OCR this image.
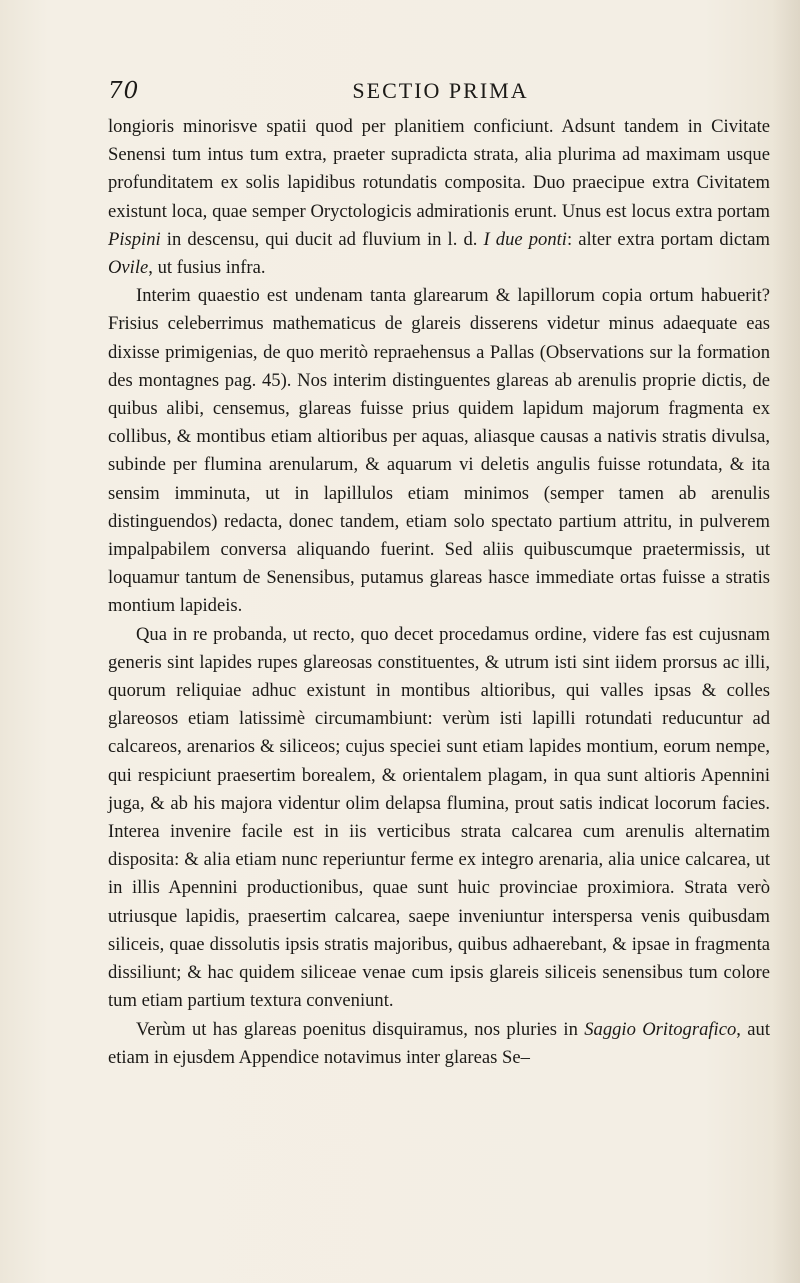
70	SECTIO PRIMA

longioris minorisve spatii quod per planitiem conficiunt. Adsunt tandem in Civitate Senensi tum intus tum extra, praeter supradicta strata, alia plurima ad maximam usque profunditatem ex solis lapidibus rotundatis composita. Duo praecipue extra Civitatem existunt loca, quae semper Oryctologicis admirationis erunt. Unus est locus extra portam Pispini in descensu, qui ducit ad fluvium in l. d. I due ponti: alter extra portam dictam Ovile, ut fusius infra.

Interim quaestio est undenam tanta glarearum & lapillorum copia ortum habuerit? Frisius celeberrimus mathematicus de glareis disserens videtur minus adaequate eas dixisse primigenias, de quo meritò repraehensus a Pallas (Observations sur la formation des montagnes pag. 45). Nos interim distinguentes glareas ab arenulis proprie dictis, de quibus alibi, censemus, glareas fuisse prius quidem lapidum majorum fragmenta ex collibus, & montibus etiam altioribus per aquas, aliasque causas a nativis stratis divulsa, subinde per flumina arenularum, & aquarum vi deletis angulis fuisse rotundata, & ita sensim imminuta, ut in lapillulos etiam minimos (semper tamen ab arenulis distinguendos) redacta, donec tandem, etiam solo spectato partium attritu, in pulverem impalpabilem conversa aliquando fuerint. Sed aliis quibuscumque praetermissis, ut loquamur tantum de Senensibus, putamus glareas hasce immediate ortas fuisse a stratis montium lapideis.

Qua in re probanda, ut recto, quo decet procedamus ordine, videre fas est cujusnam generis sint lapides rupes glareosas constituentes, & utrum isti sint iidem prorsus ac illi, quorum reliquiae adhuc existunt in montibus altioribus, qui valles ipsas & colles glareosos etiam latissimè circumambiunt: verùm isti lapilli rotundati reducuntur ad calcareos, arenarios & siliceos; cujus speciei sunt etiam lapides montium, eorum nempe, qui respiciunt praesertim borealem, & orientalem plagam, in qua sunt altioris Apennini juga, & ab his majora videntur olim delapsa flumina, prout satis indicat locorum facies. Interea invenire facile est in iis verticibus strata calcarea cum arenulis alternatim disposita: & alia etiam nunc reperiuntur ferme ex integro arenaria, alia unice calcarea, ut in illis Apennini productionibus, quae sunt huic provinciae proximiora. Strata verò utriusque lapidis, praesertim calcarea, saepe inveniuntur interspersa venis quibusdam siliceis, quae dissolutis ipsis stratis majoribus, quibus adhaerebant, & ipsae in fragmenta dissiliunt; & hac quidem siliceae venae cum ipsis glareis siliceis senensibus tum colore tum etiam partium textura conveniunt.

Verùm ut has glareas poenitus disquiramus, nos pluries in Saggio Oritografico, aut etiam in ejusdem Appendice notavimus inter glareas Se–
